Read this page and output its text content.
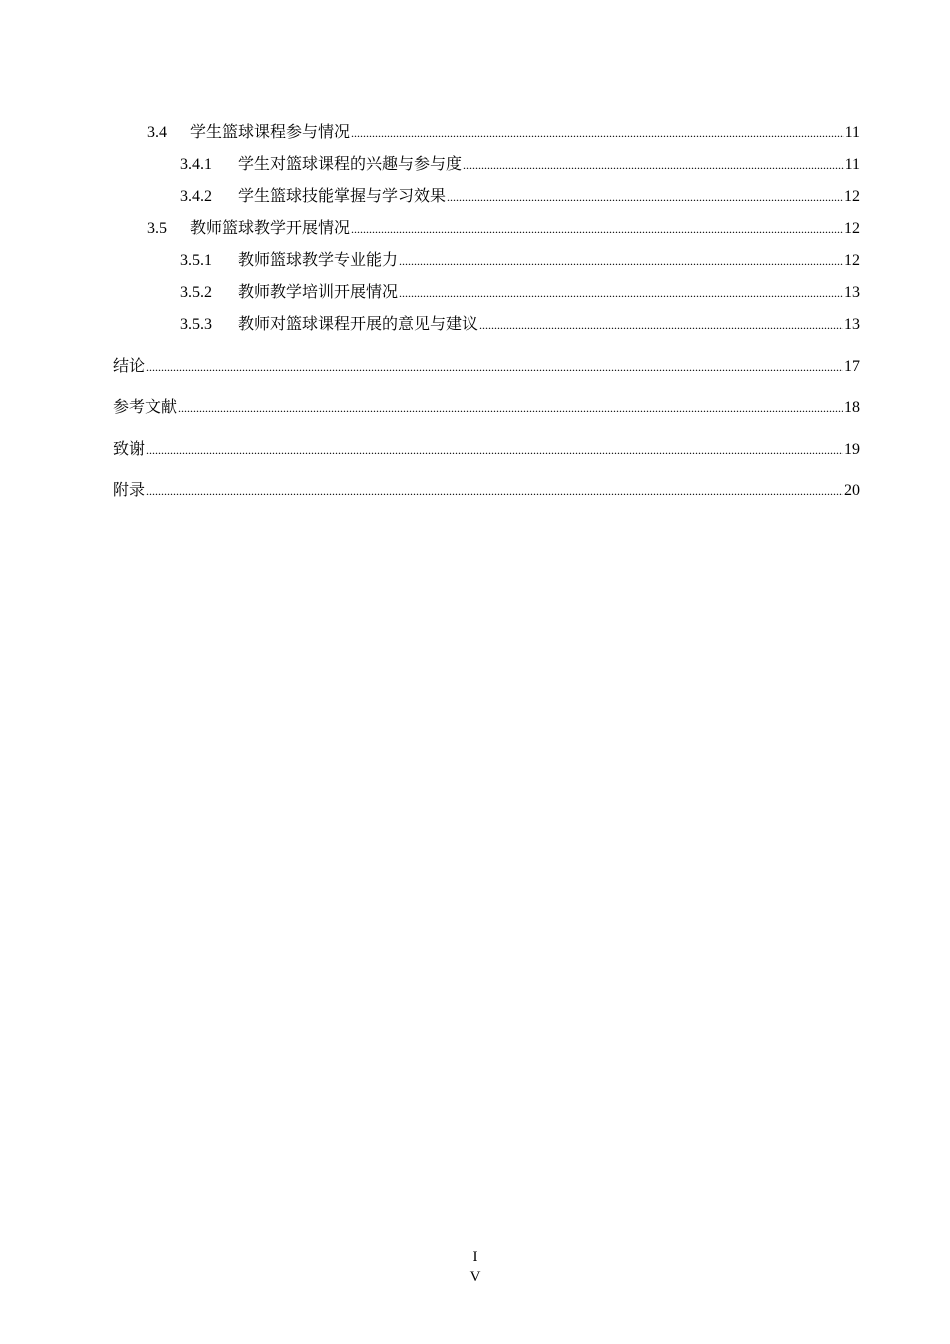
3.4	学生篮球课程参与情况 .....	11
3.4.1	学生对篮球课程的兴趣与参与度 .....	11
3.4.2	学生篮球技能掌握与学习效果 .....	12
3.5	教师篮球教学开展情况 .....	12
3.5.1	教师篮球教学专业能力 .....	12
3.5.2	教师教学培训开展情况 .....	13
3.5.3	教师对篮球课程开展的意见与建议 .....	13
结论 .....	17
参考文献 .....	18
致谢 .....	19
附录 .....	20
I
V
